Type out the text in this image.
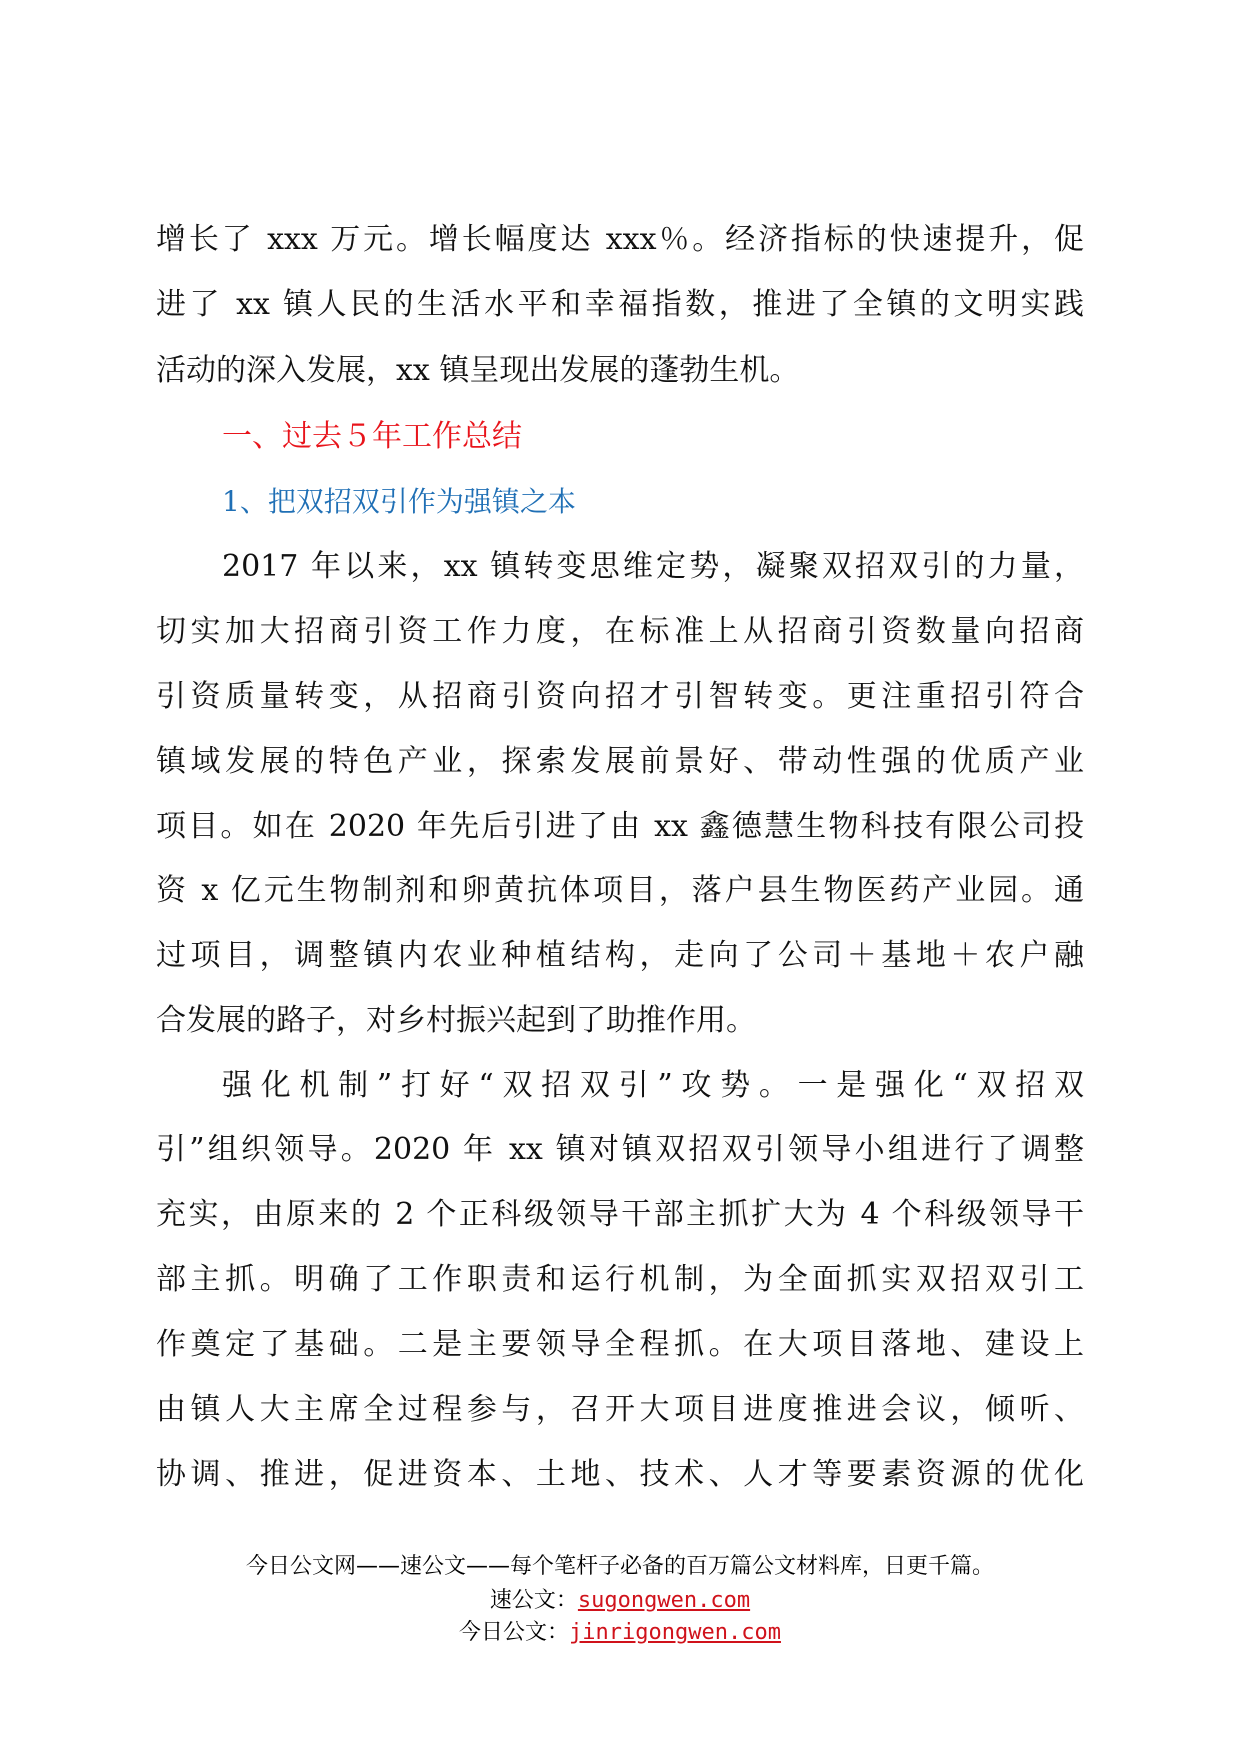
增长了 xxx 万元。增长幅度达 xxx％。经济指标的快速提升，促
进了 xx 镇人民的生活水平和幸福指数，推进了全镇的文明实践
活动的深入发展，xx 镇呈现出发展的蓬勃生机。
一、过去５年工作总结
1、把双招双引作为强镇之本
2017 年以来，xx 镇转变思维定势，凝聚双招双引的力量，
切实加大招商引资工作力度，在标准上从招商引资数量向招商
引资质量转变，从招商引资向招才引智转变。更注重招引符合
镇域发展的特色产业，探索发展前景好、带动性强的优质产业
项目。如在 2020 年先后引进了由 xx 鑫德慧生物科技有限公司投
资 x 亿元生物制剂和卵黄抗体项目，落户县生物医药产业园。通
过项目，调整镇内农业种植结构，走向了公司＋基地＋农户融
合发展的路子，对乡村振兴起到了助推作用。
强化机制”打好“双招双引”攻势。一是强化“双招双
引”组织领导。2020 年 xx 镇对镇双招双引领导小组进行了调整
充实，由原来的 2 个正科级领导干部主抓扩大为 4 个科级领导干
部主抓。明确了工作职责和运行机制，为全面抓实双招双引工
作奠定了基础。二是主要领导全程抓。在大项目落地、建设上
由镇人大主席全过程参与，召开大项目进度推进会议，倾听、
协调、推进，促进资本、土地、技术、人才等要素资源的优化
今日公文网——速公文——每个笔杆子必备的百万篇公文材料库，日更千篇。
速公文：sugongwen.com
今日公文：jinrigongwen.com
